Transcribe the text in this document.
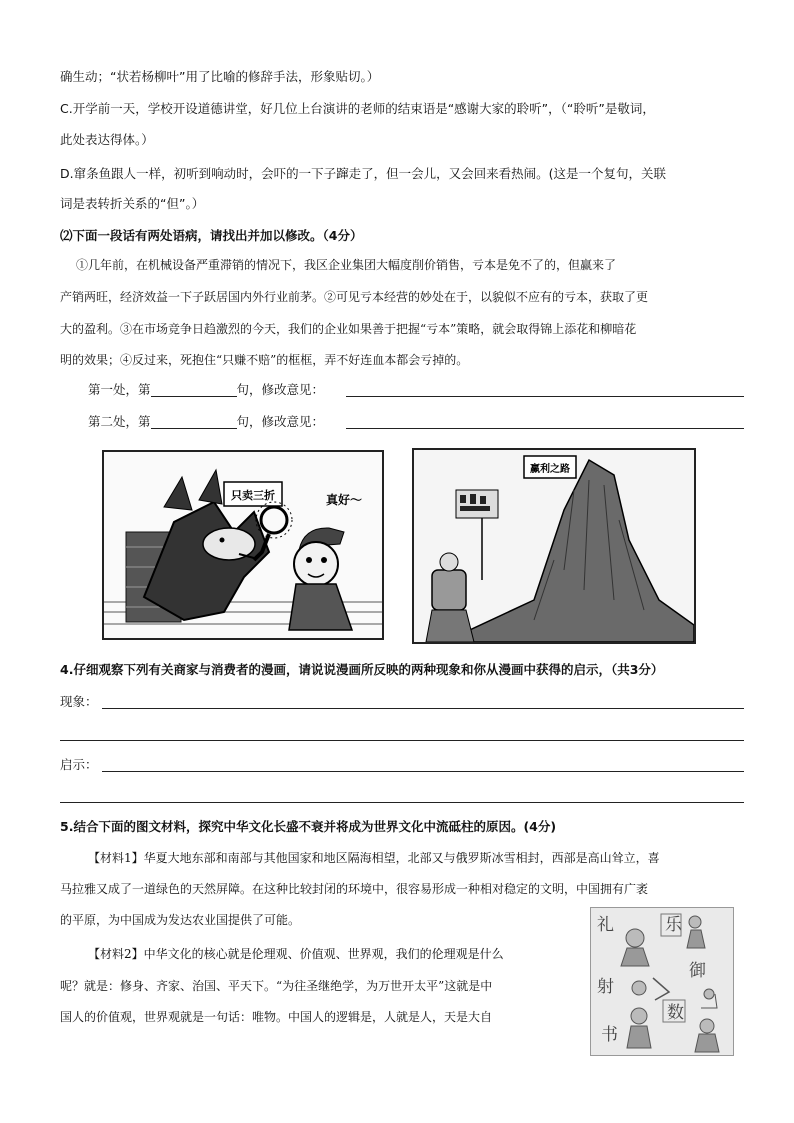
确生动；“状若杨柳叶”用了比喻的修辞手法，形象贴切。）
C.开学前一天，学校开设道德讲堂，好几位上台演讲的老师的结束语是“感谢大家的聆听”，（“聆听”是敬词，
此处表达得体。）
D.窜条鱼跟人一样，初听到响动时，会吓的一下子蹿走了，但一会儿，又会回来看热闹。(这是一个复句，关联
词是表转折关系的“但”。）
⑵下面一段话有两处语病，请找出并加以修改。（4分）
①几年前，在机械设备严重滞销的情况下，我区企业集团大幅度削价销售，亏本是免不了的，但赢来了
产销两旺，经济效益一下子跃居国内外行业前茅。②可见亏本经营的妙处在于，以貌似不应有的亏本，获取了更
大的盈利。③在市场竞争日趋激烈的今天，我们的企业如果善于把握“亏本”策略，就会取得锦上添花和柳暗花
明的效果；④反过来，死抱住“只赚不赔”的框框，弄不好连血本都会亏掉的。
第一处，第	句，修改意见：
第二处，第	句，修改意见：
只卖三折	真好～
赢利之路
4.仔细观察下列有关商家与消费者的漫画，请说说漫画所反映的两种现象和你从漫画中获得的启示，（共3分）
现象：
启示：
5.结合下面的图文材料，探究中华文化长盛不衰并将成为世界文化中流砥柱的原因。(4分)
【材料1】华夏大地东部和南部与其他国家和地区隔海相望，北部又与俄罗斯冰雪相封，西部是高山耸立，喜
马拉雅又成了一道绿色的天然屏障。在这种比较封闭的环境中，很容易形成一种相对稳定的文明，中国拥有广袤
的平原，为中国成为发达农业国提供了可能。
【材料2】中华文化的核心就是伦理观、价值观、世界观，我们的伦理观是什么
呢？就是：修身、齐家、治国、平天下。“为往圣继绝学，为万世开太平”这就是中
国人的价值观，世界观就是一句话：唯物。中国人的逻辑是，人就是人，天是大自
礼	乐
御
射
书
数
